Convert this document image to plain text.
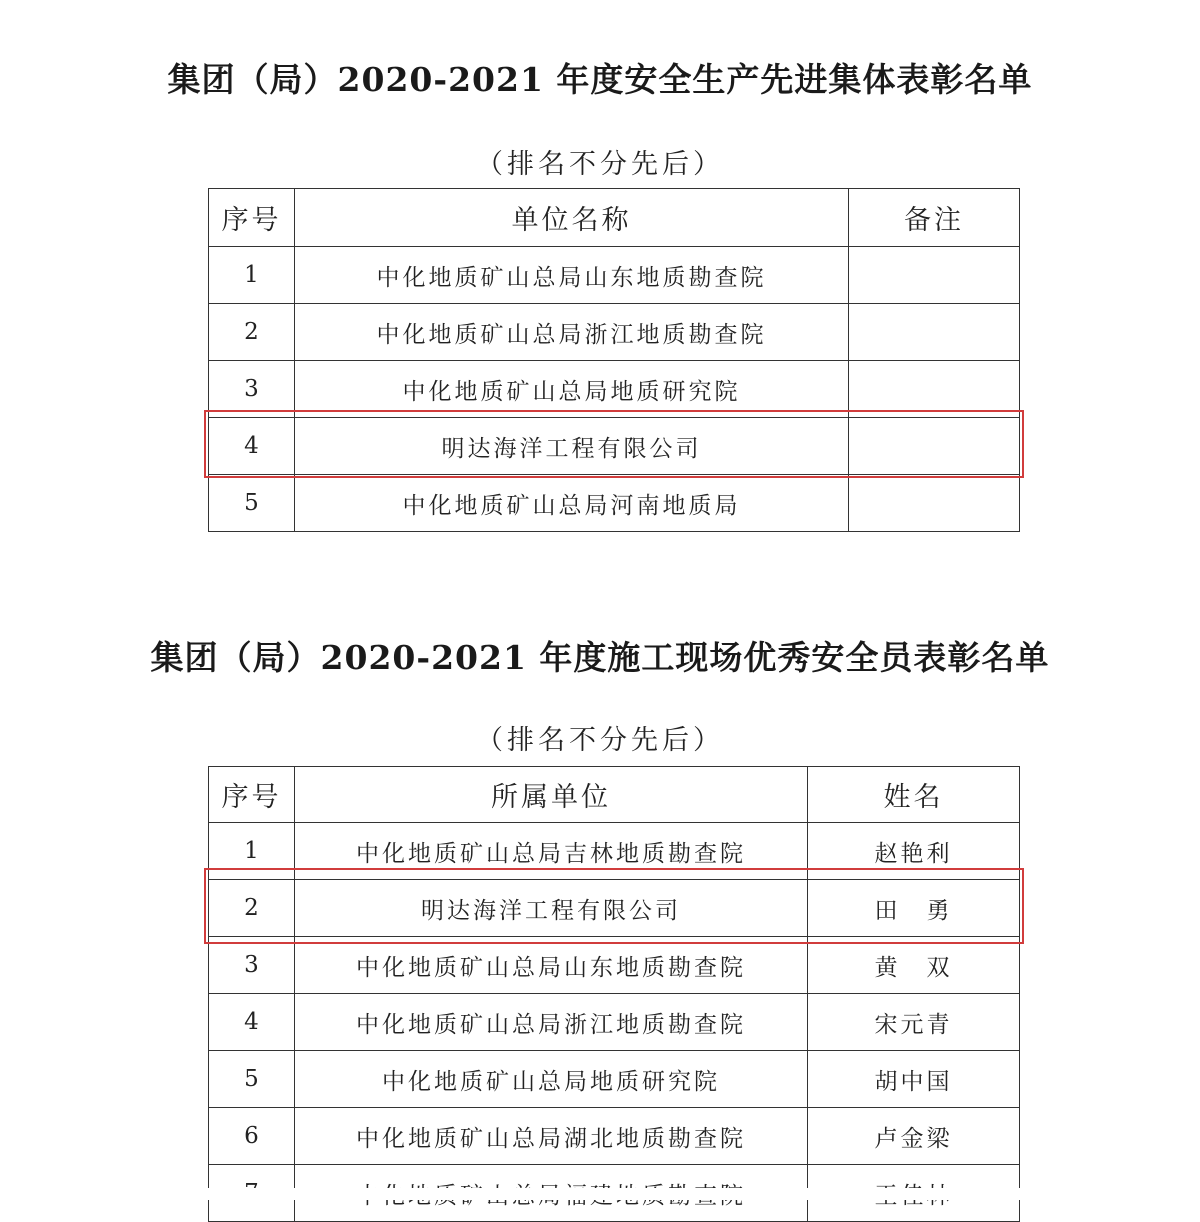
集团（局）2020-2021 年度安全生产先进集体表彰名单

（排名不分先后）

序号	单位名称	备注
1	中化地质矿山总局山东地质勘查院	
2	中化地质矿山总局浙江地质勘查院	
3	中化地质矿山总局地质研究院	
4	明达海洋工程有限公司	
5	中化地质矿山总局河南地质局	
集团（局）2020-2021 年度施工现场优秀安全员表彰名单

（排名不分先后）

序号	所属单位	姓名
1	中化地质矿山总局吉林地质勘查院	赵艳利
2	明达海洋工程有限公司	田　勇
3	中化地质矿山总局山东地质勘查院	黄　双
4	中化地质矿山总局浙江地质勘查院	宋元青
5	中化地质矿山总局地质研究院	胡中国
6	中化地质矿山总局湖北地质勘查院	卢金梁
